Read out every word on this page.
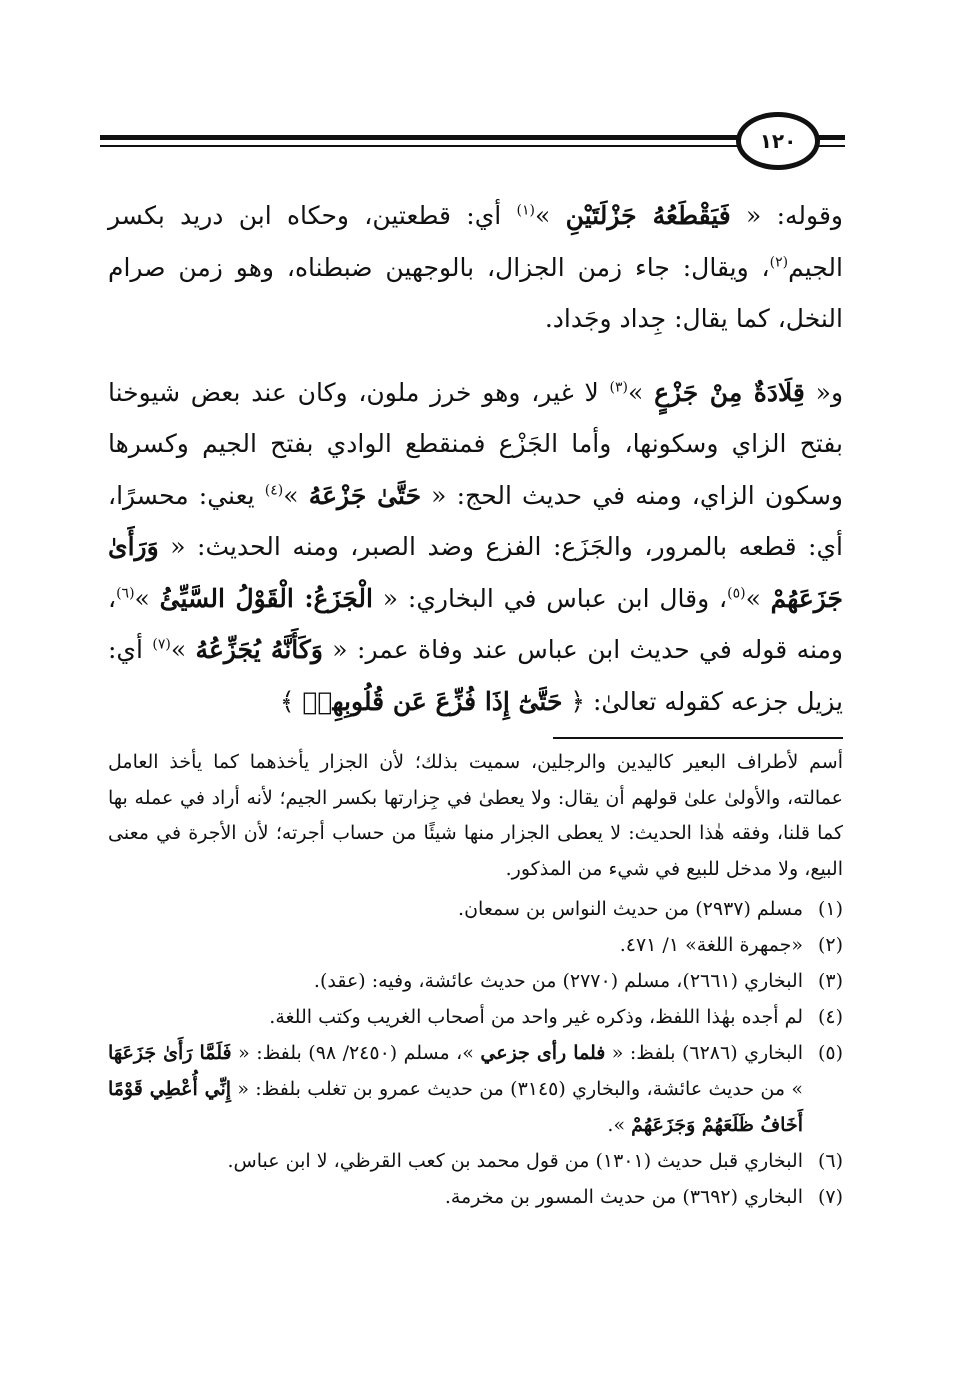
١٢٠

وقوله: « فَيَقْطَعُهُ جَزْلَتَيْنِ »$^{(١)}$ أي: قطعتين، وحكاه ابن دريد بكسر الجيم$^{(٢)}$، ويقال: جاء زمن الجزال، بالوجهين ضبطناه، وهو زمن صرام النخل، كما يقال: جِداد وجَداد.

و« قِلَادَةٌ مِنْ جَزْعٍ »$^{(٣)}$ لا غير، وهو خرز ملون، وكان عند بعض شيوخنا بفتح الزاي وسكونها، وأما الجَزْع فمنقطع الوادي بفتح الجيم وكسرها وسكون الزاي، ومنه في حديث الحج: « حَتَّىٰ جَزْعَهُ »$^{(٤)}$ يعني: محسرًا، أي: قطعه بالمرور، والجَزَع: الفزع وضد الصبر، ومنه الحديث: « وَرَأَىٰ جَزَعَهُمْ »$^{(٥)}$، وقال ابن عباس في البخاري: « الْجَزَعُ: الْقَوْلُ السَّيِّئُ »$^{(٦)}$، ومنه قوله في حديث ابن عباس عند وفاة عمر: « وَكَأَنَّهُ يُجَزِّعُهُ »$^{(٧)}$ أي: يزيل جزعه كقوله تعالىٰ: ﴿ حَتَّىٰٓ إِذَا فُزِّعَ عَن قُلُوبِهِمۡ ﴾

أسم لأطراف البعير كاليدين والرجلين، سميت بذلك؛ لأن الجزار يأخذهما كما يأخذ العامل عمالته، والأولىٰ علىٰ قولهم أن يقال: ولا يعطىٰ في جِزارتها بكسر الجيم؛ لأنه أراد في عمله بها كما قلنا، وفقه هٰذا الحديث: لا يعطى الجزار منها شيئًا من حساب أجرته؛ لأن الأجرة في معنى البيع، ولا مدخل للبيع في شيء من المذكور.

(١)
مسلم (٢٩٣٧) من حديث النواس بن سمعان.
(٢)
«جمهرة اللغة» ١/ ٤٧١.
(٣)
البخاري (٢٦٦١)، مسلم (٢٧٧٠) من حديث عائشة، وفيه: (عقد).
(٤)
لم أجده بهٰذا اللفظ، وذكره غير واحد من أصحاب الغريب وكتب اللغة.
(٥)
البخاري (٦٢٨٦) بلفظ: « فلما رأى جزعي »، مسلم (٢٤٥٠/ ٩٨) بلفظ: « فَلَمَّا رَأَىٰ جَزَعَهَا » من حديث عائشة، والبخاري (٣١٤٥) من حديث عمرو بن تغلب بلفظ: « إِنِّي أُعْطِي قَوْمًا أَخَافُ ظَلَعَهُمْ وَجَزَعَهُمْ ».
(٦)
البخاري قبل حديث (١٣٠١) من قول محمد بن كعب القرظي، لا ابن عباس.
(٧)
البخاري (٣٦٩٢) من حديث المسور بن مخرمة.
